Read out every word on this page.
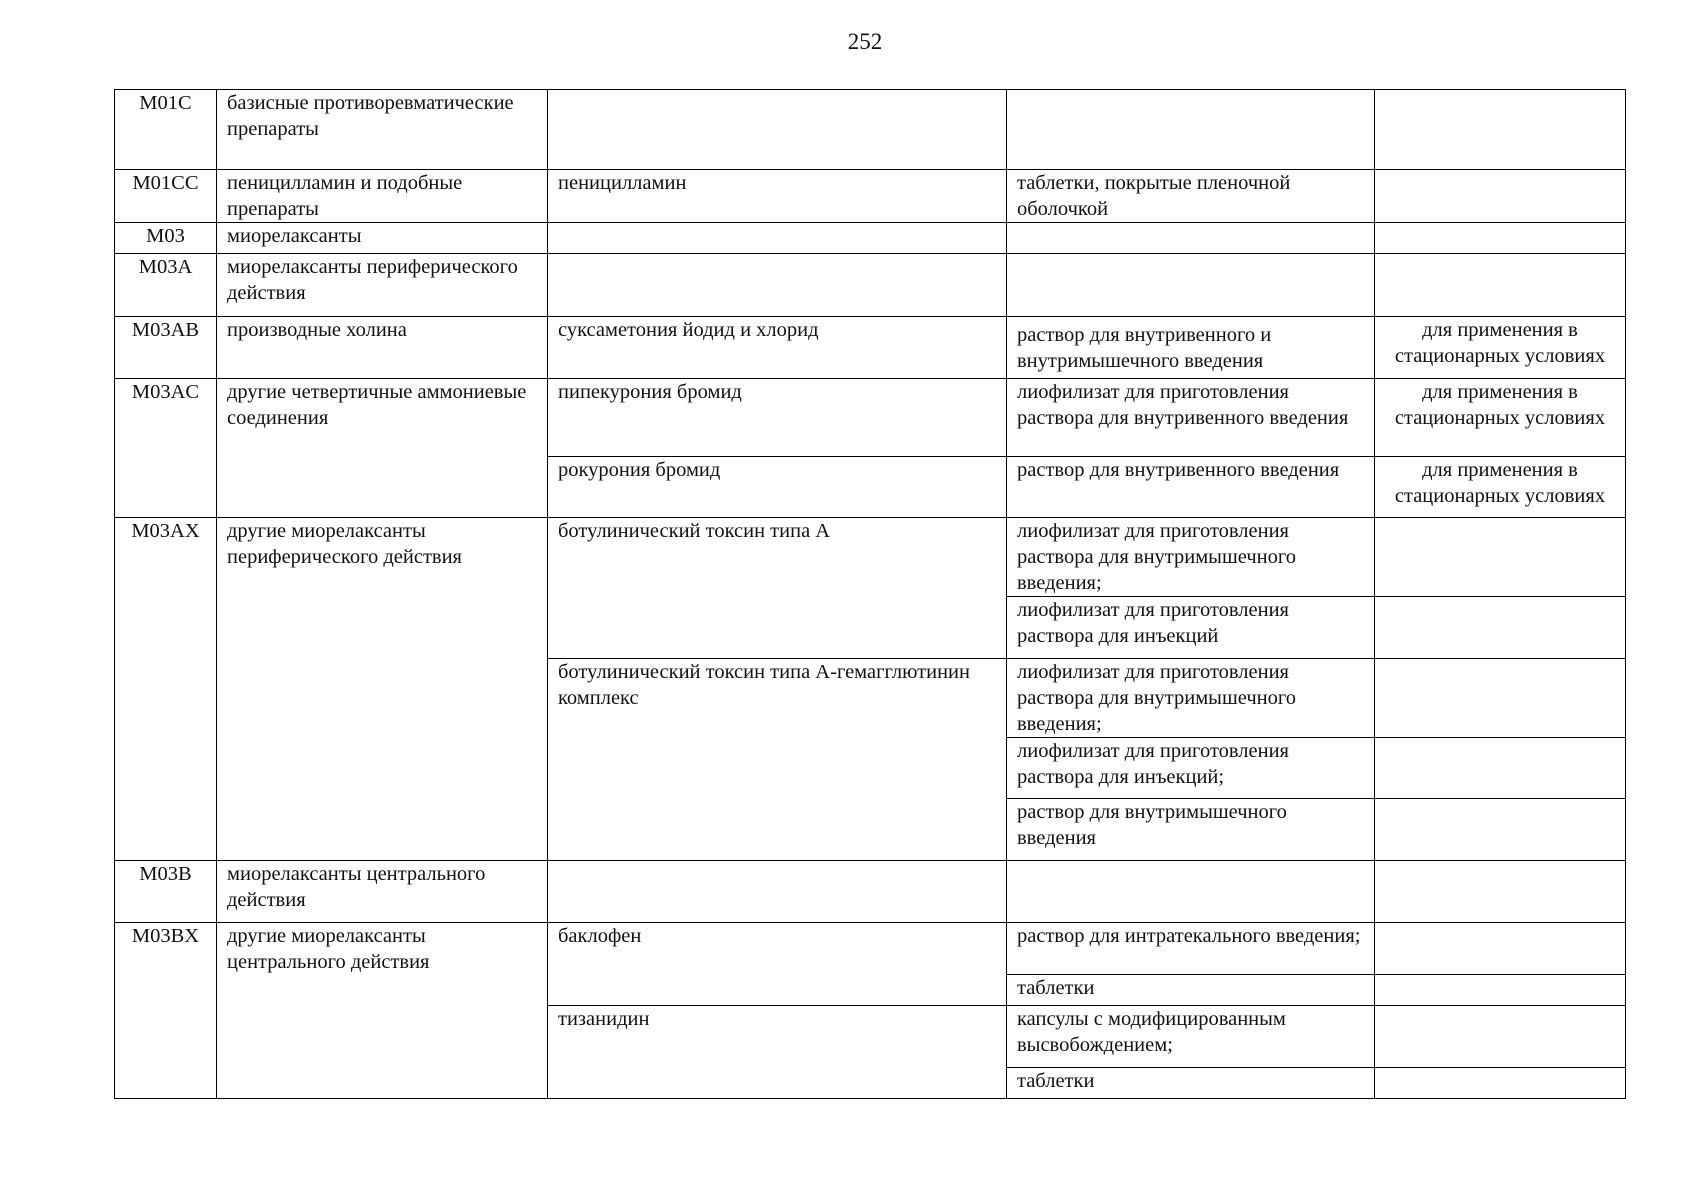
252
M01C	базисные противоревматические препараты			
M01CC	пеницилламин и подобные препараты	пеницилламин	таблетки, покрытые пленочной оболочкой	
M03	миорелаксанты			
M03A	миорелаксанты периферического действия			
M03AB	производные холина	суксаметония йодид и хлорид	раствор для внутривенного и внутримышечного введения	для применения в стационарных условиях
M03AC	другие четвертичные аммониевые соединения	пипекурония бромид	лиофилизат для приготовления раствора для внутривенного введения	для применения в стационарных условиях
		рокурония бромид	раствор для внутривенного введения	для применения в стационарных условиях
M03AX	другие миорелаксанты периферического действия	ботулинический токсин типа А	лиофилизат для приготовления раствора для внутримышечного введения;	
			лиофилизат для приготовления раствора для инъекций	
		ботулинический токсин типа А-гемагглютинин комплекс	лиофилизат для приготовления раствора для внутримышечного введения;	
			лиофилизат для приготовления раствора для инъекций;	
			раствор для внутримышечного введения	
M03B	миорелаксанты центрального действия			
M03BX	другие миорелаксанты центрального действия	баклофен	раствор для интратекального введения;	
			таблетки	
		тизанидин	капсулы с модифицированным высвобождением;	
			таблетки	
